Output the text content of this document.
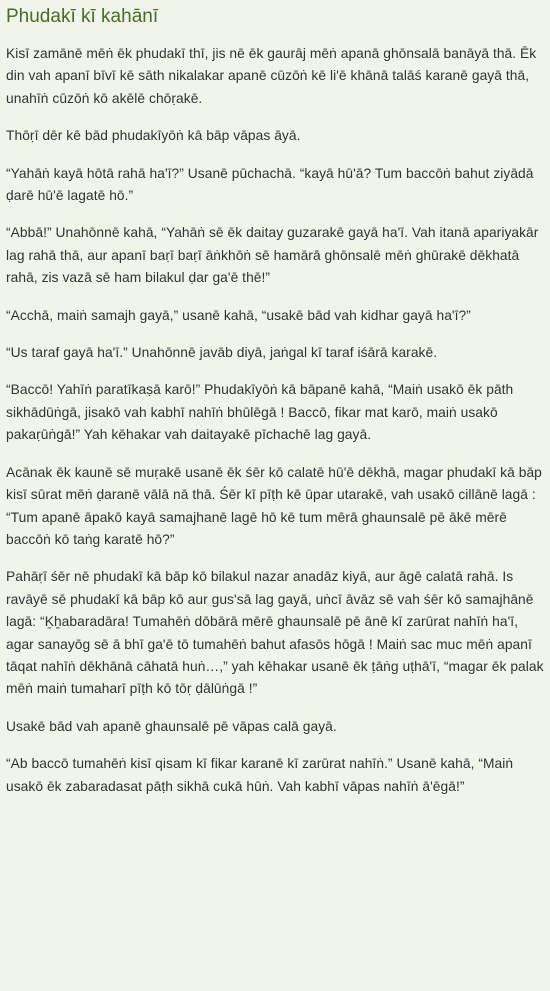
Phudakī kī kahānī

Kisī zamānē mēṅ ēk phudakī thī, jis nē ēk gaurāj mēṅ apanā ghōnsalā banāyā thā. Ēk din vah apanī bīvī kē sāth nikalakar apanē cūzōṅ kē li'ē khānā talāś karanē gayā thā, unahīṅ cūzōṅ kō akēlē chōṛakē.

Thōṛī dēr kē bād phudakīyōṅ kā bāp vāpas āyā.

“Yahāṅ kayā hōtā rahā ha'ī?” Usanē pūchachā. “kayā hū'ā? Tum baccōṅ bahut ziyādā ḍarē hū'ē lagatē hō.”

“Abbā!” Unahōnnē kahā, “Yahāṅ sē ēk daitay guzarakē gayā ha'ī. Vah itanā apariyakār lag rahā thā, aur apanī baṛī baṛī āṅkhōṅ sē hamārā ghōnsalē mēṅ ghūrakē dēkhatā rahā, zis vazā sē ham bilakul ḍar ga'ē thē!”

“Acchā, maiṅ samajh gayā,” usanē kahā, “usakē bād vah kidhar gayā ha'ī?”

“Us taraf gayā ha'ī.” Unahōnnē javāb diyā, jaṅgal kī taraf iśārā karakē.

“Baccō! Yahīṅ paratīkaṣā karō!” Phudakīyōṅ kā bāpanē kahā, “Maiṅ usakō ēk pāth sikhādūṅgā, jisakō vah kabhī nahīṅ bhūlēgā ! Baccō, fikar mat karō, maiṅ usakō pakaṛūṅgā!” Yah kēhakar vah daitayakē pīchachē lag gayā.

Acānak ēk kaunē sē muṛakē usanē ēk śēr kō calatē hū'ē dēkhā, magar phudakī kā bāp kisī sūrat mēṅ ḍaranē vālā nā thā. Śēr kī pīṭh kē ūpar utarakē, vah usakō cillānē lagā : “Tum apanē āpakō kayā samajhanē lagē hō kē tum mērā ghaunsalē pē ākē mērē baccōṅ kō taṅg karatē hō?”

Pahāṛī śēr nē phudakī kā bāp kō bilakul nazar anadāz kiyā, aur āgē calatā rahā. Is ravāyē sē phudakī kā bāp kō aur gus'sā lag gayā, uṅcī āvāz sē vah śēr kō samajhānē lagā: “Ḵẖabaradāra! Tumahēṅ dōbārā mērē ghaunsalē pē ānē kī zarūrat nahīṅ ha'ī, agar sanayōg sē ā bhī ga'ē tō tumahēṅ bahut afasōs hōgā ! Maiṅ sac muc mēṅ apanī tāqat nahīṅ dēkhānā cāhatā huṅ…,” yah kēhakar usanē ēk ṭāṅg uṭhā'ī, “magar ēk palak mēṅ maiṅ tumaharī pīṭh kō tōṛ ḍālūṅgā !”

Usakē bād vah apanē ghaunsalē pē vāpas calā gayā.

“Ab baccō tumahēṅ kisī qisam kī fikar karanē kī zarūrat nahīṅ.” Usanē kahā, “Maiṅ usakō ēk zabaradasat pāṭh sikhā cukā hūṅ. Vah kabhī vāpas nahīṅ ā'ēgā!”
